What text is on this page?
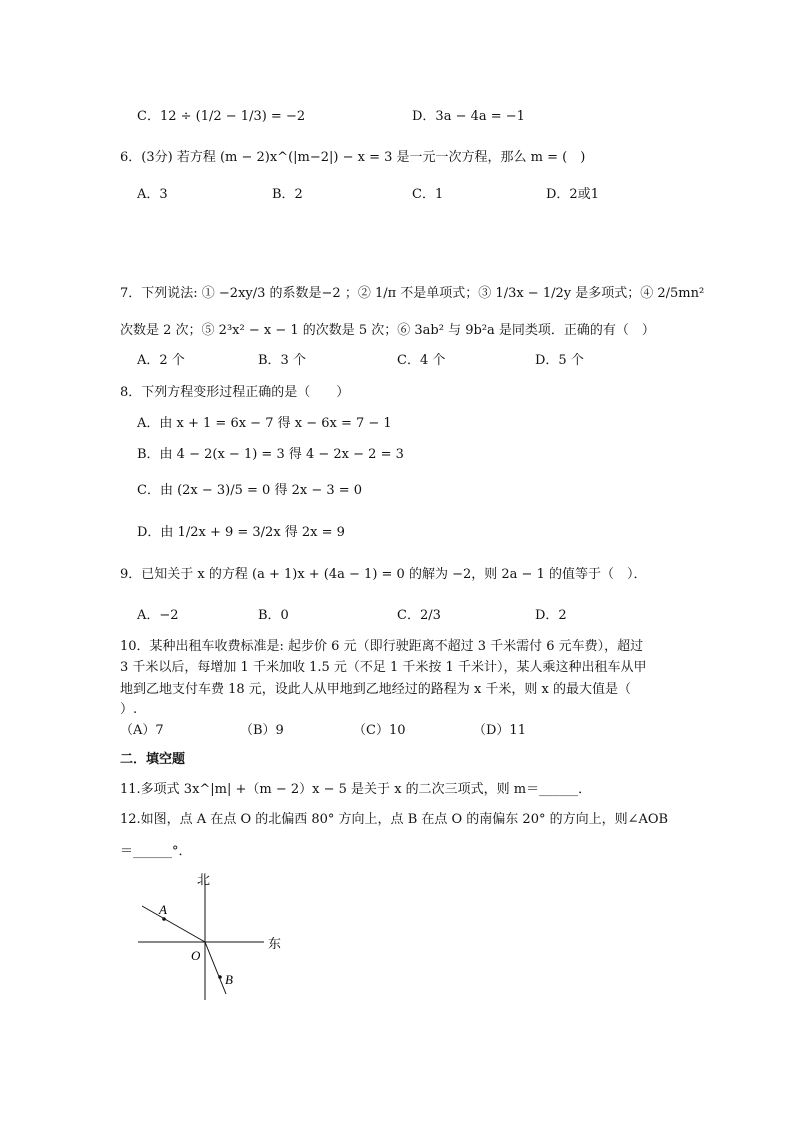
C．12 ÷ (1/2 − 1/3) = −2	D．3a − 4a = −1
6．(3分) 若方程 (m − 2)x^(|m−2|) − x = 3 是一元一次方程，那么 m = (　)
A．3	B．2	C．1	D．2或1
7．下列说法: ① −2xy/3 的系数是−2 ；② 1/π 不是单项式；③ 1/3x − 1/2y 是多项式；④ 2/5mn²
次数是 2 次；⑤ 2³x² − x − 1 的次数是 5 次；⑥ 3ab² 与 9b²a 是同类项．正确的有（　）
A．2 个	B．3 个	C．4 个	D．5 个
8．下列方程变形过程正确的是（　　）
A．由 x + 1 = 6x − 7 得 x − 6x = 7 − 1
B．由 4 − 2(x − 1) = 3 得 4 − 2x − 2 = 3
C．由 (2x − 3)/5 = 0 得 2x − 3 = 0
D．由 1/2x + 9 = 3/2x 得 2x = 9
9．已知关于 x 的方程 (a + 1)x + (4a − 1) = 0 的解为 −2，则 2a − 1 的值等于（　）．
A．−2	B．0	C．2/3	D．2
10．某种出租车收费标准是: 起步价 6 元（即行驶距离不超过 3 千米需付 6 元车费），超过
3 千米以后，每增加 1 千米加收 1.5 元（不足 1 千米按 1 千米计），某人乘这种出租车从甲
地到乙地支付车费 18 元，设此人从甲地到乙地经过的路程为 x 千米，则 x 的最大值是（
）.
（A）7	（B）9	（C）10	（D）11
二．填空题
11.多项式 3x^|m| +（m − 2）x − 5 是关于 x 的二次三项式，则 m＝______．
12.如图，点 A 在点 O 的北偏西 80° 方向上，点 B 在点 O 的南偏东 20° 的方向上，则∠AOB
＝______°．
北
东
O
A
B
